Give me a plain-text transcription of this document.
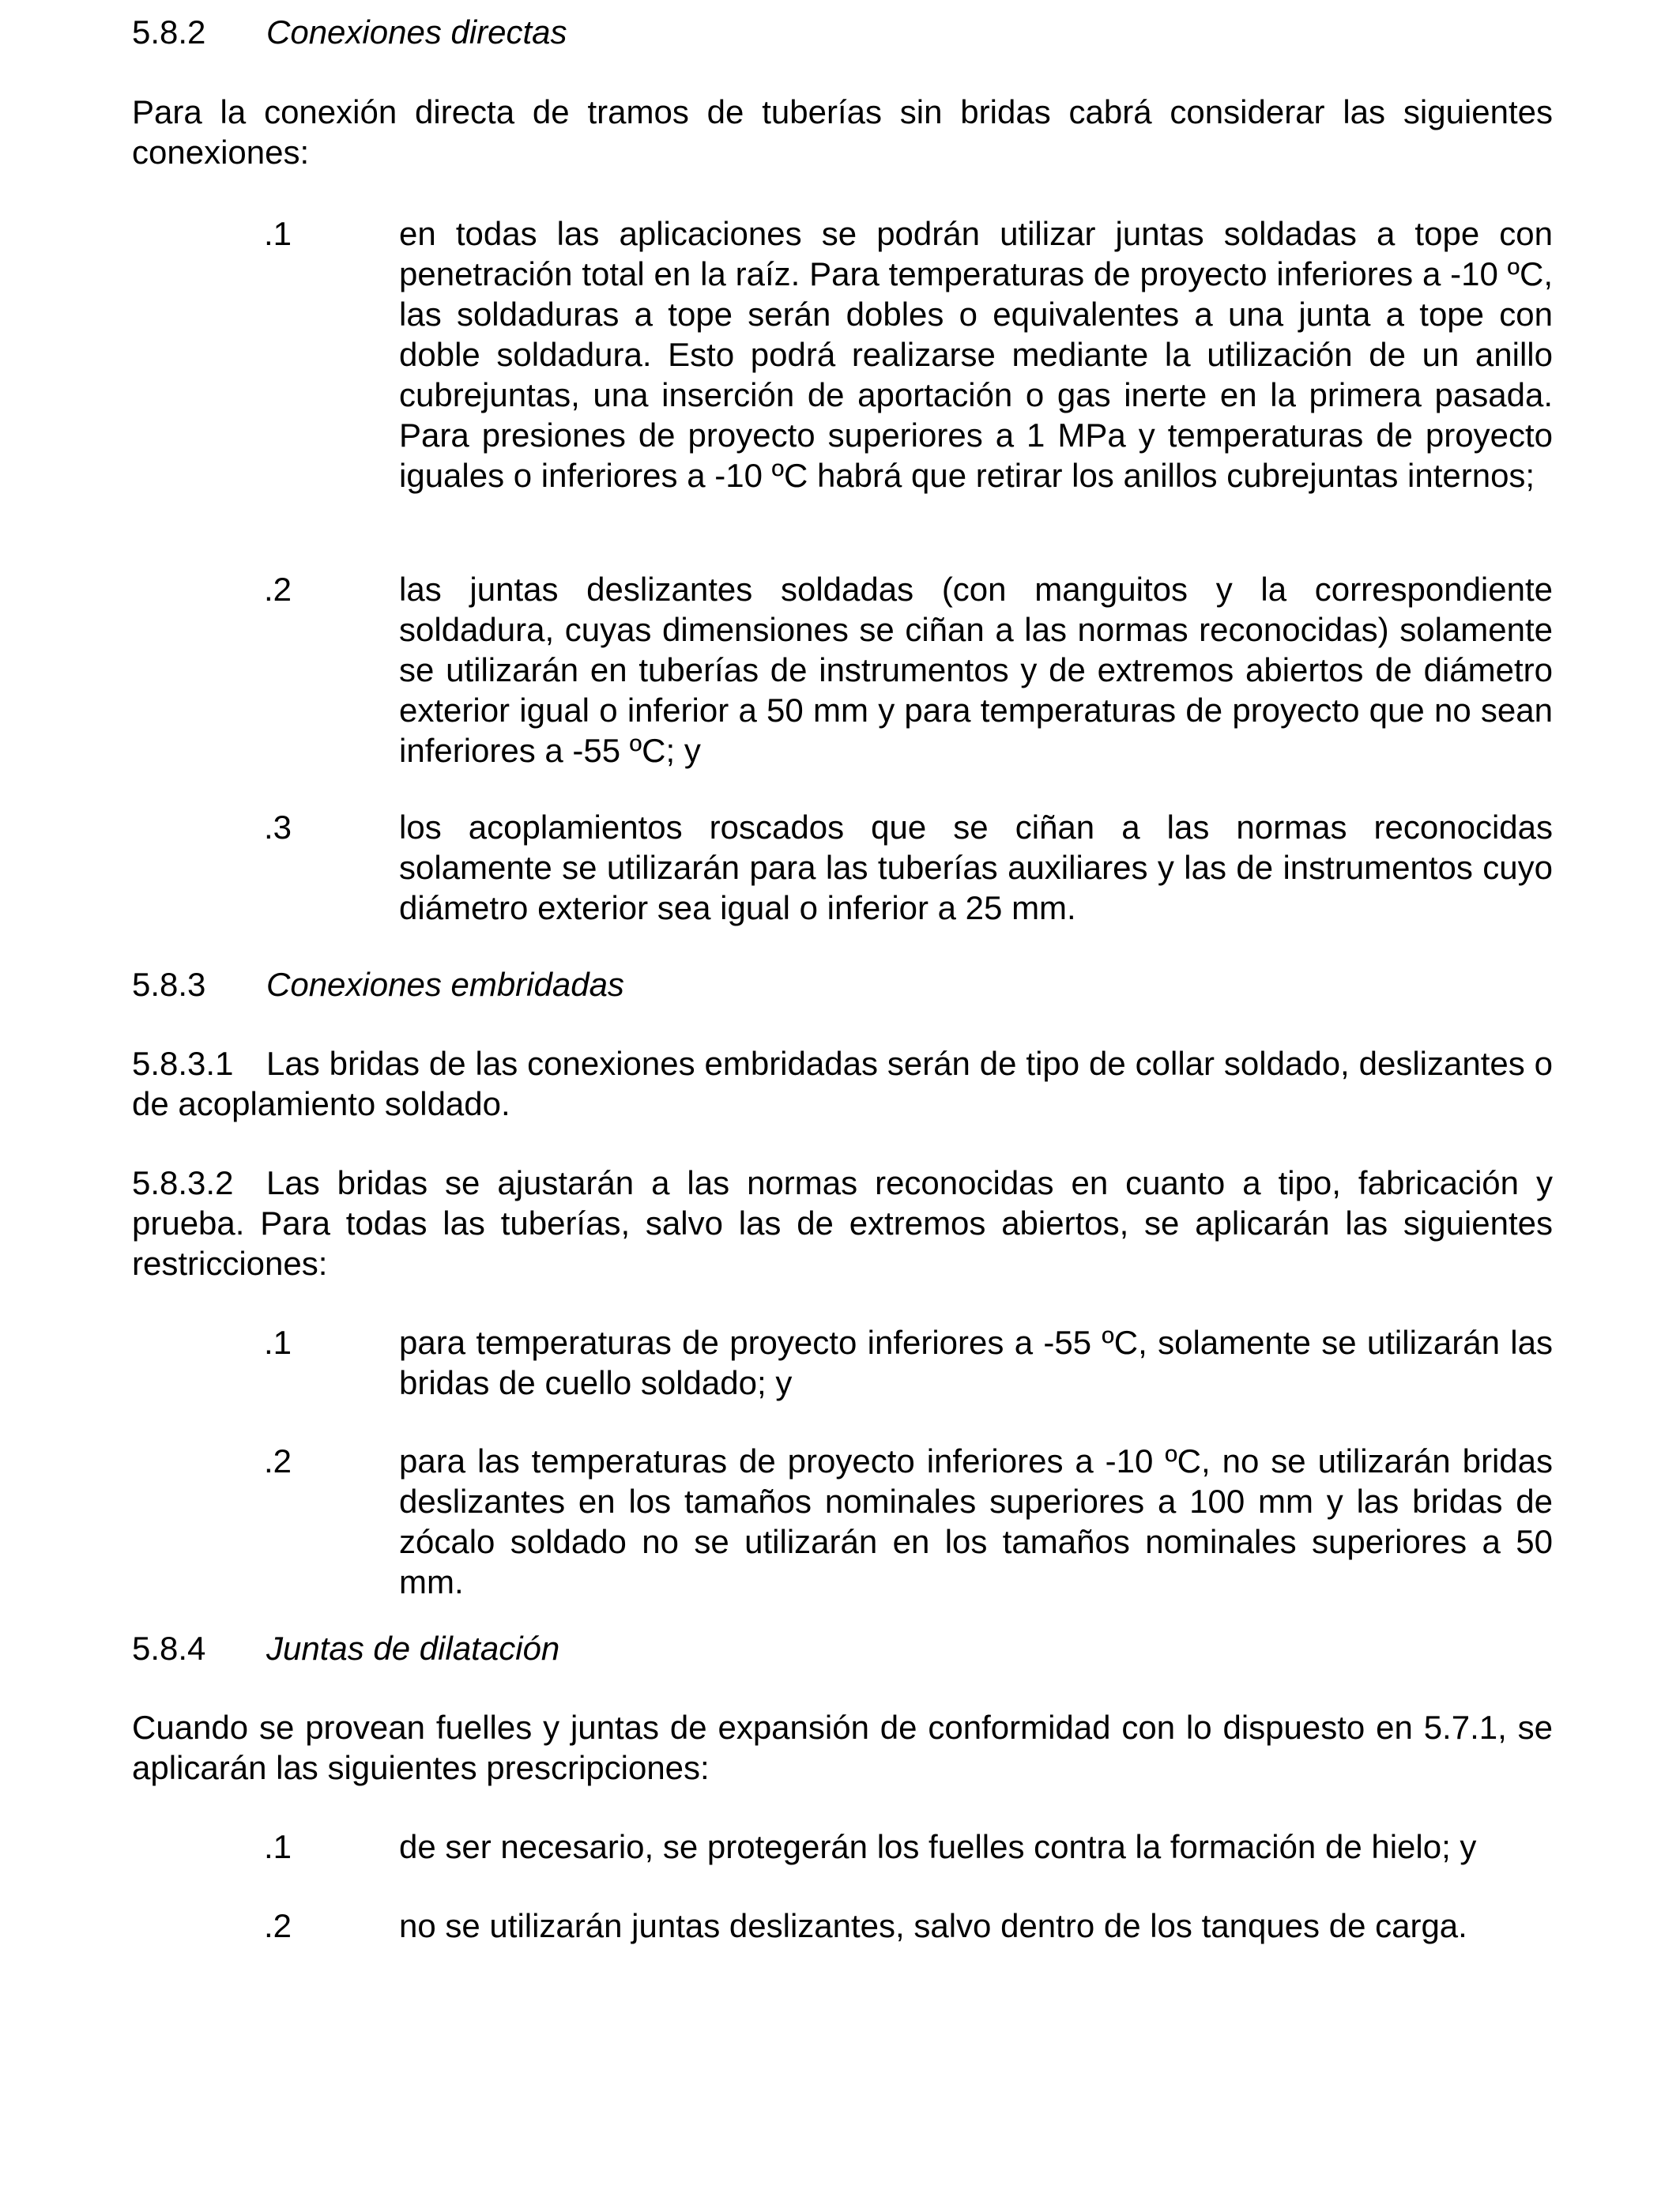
5.8.2 Conexiones directas

Para la conexión directa de tramos de tuberías sin bridas cabrá considerar las siguientes conexiones:

.1	en todas las aplicaciones se podrán utilizar juntas soldadas a tope con penetración total en la raíz. Para temperaturas de proyecto inferiores a -10 ºC, las soldaduras a tope serán dobles o equivalentes a una junta a tope con doble soldadura. Esto podrá realizarse mediante la utilización de un anillo cubrejuntas, una inserción de aportación o gas inerte en la primera pasada. Para presiones de proyecto superiores a 1 MPa y temperaturas de proyecto iguales o inferiores a -10 ºC habrá que retirar los anillos cubrejuntas internos;

.2	las juntas deslizantes soldadas (con manguitos y la correspondiente soldadura, cuyas dimensiones se ciñan a las normas reconocidas) solamente se utilizarán en tuberías de instrumentos y de extremos abiertos de diámetro exterior igual o inferior a 50 mm y para temperaturas de proyecto que no sean inferiores a -55 ºC; y

.3	los acoplamientos roscados que se ciñan a las normas reconocidas solamente se utilizarán para las tuberías auxiliares y las de instrumentos cuyo diámetro exterior sea igual o inferior a 25 mm.

5.8.3 Conexiones embridadas

5.8.3.1 Las bridas de las conexiones embridadas serán de tipo de collar soldado, deslizantes o de acoplamiento soldado.

5.8.3.2 Las bridas se ajustarán a las normas reconocidas en cuanto a tipo, fabricación y prueba. Para todas las tuberías, salvo las de extremos abiertos, se aplicarán las siguientes restricciones:

.1	para temperaturas de proyecto inferiores a -55 ºC, solamente se utilizarán las bridas de cuello soldado; y

.2	para las temperaturas de proyecto inferiores a -10 ºC, no se utilizarán bridas deslizantes en los tamaños nominales superiores a 100 mm y las bridas de zócalo soldado no se utilizarán en los tamaños nominales superiores a 50 mm.

5.8.4 Juntas de dilatación

Cuando se provean fuelles y juntas de expansión de conformidad con lo dispuesto en 5.7.1, se aplicarán las siguientes prescripciones:

.1	de ser necesario, se protegerán los fuelles contra la formación de hielo; y

.2	no se utilizarán juntas deslizantes, salvo dentro de los tanques de carga.
